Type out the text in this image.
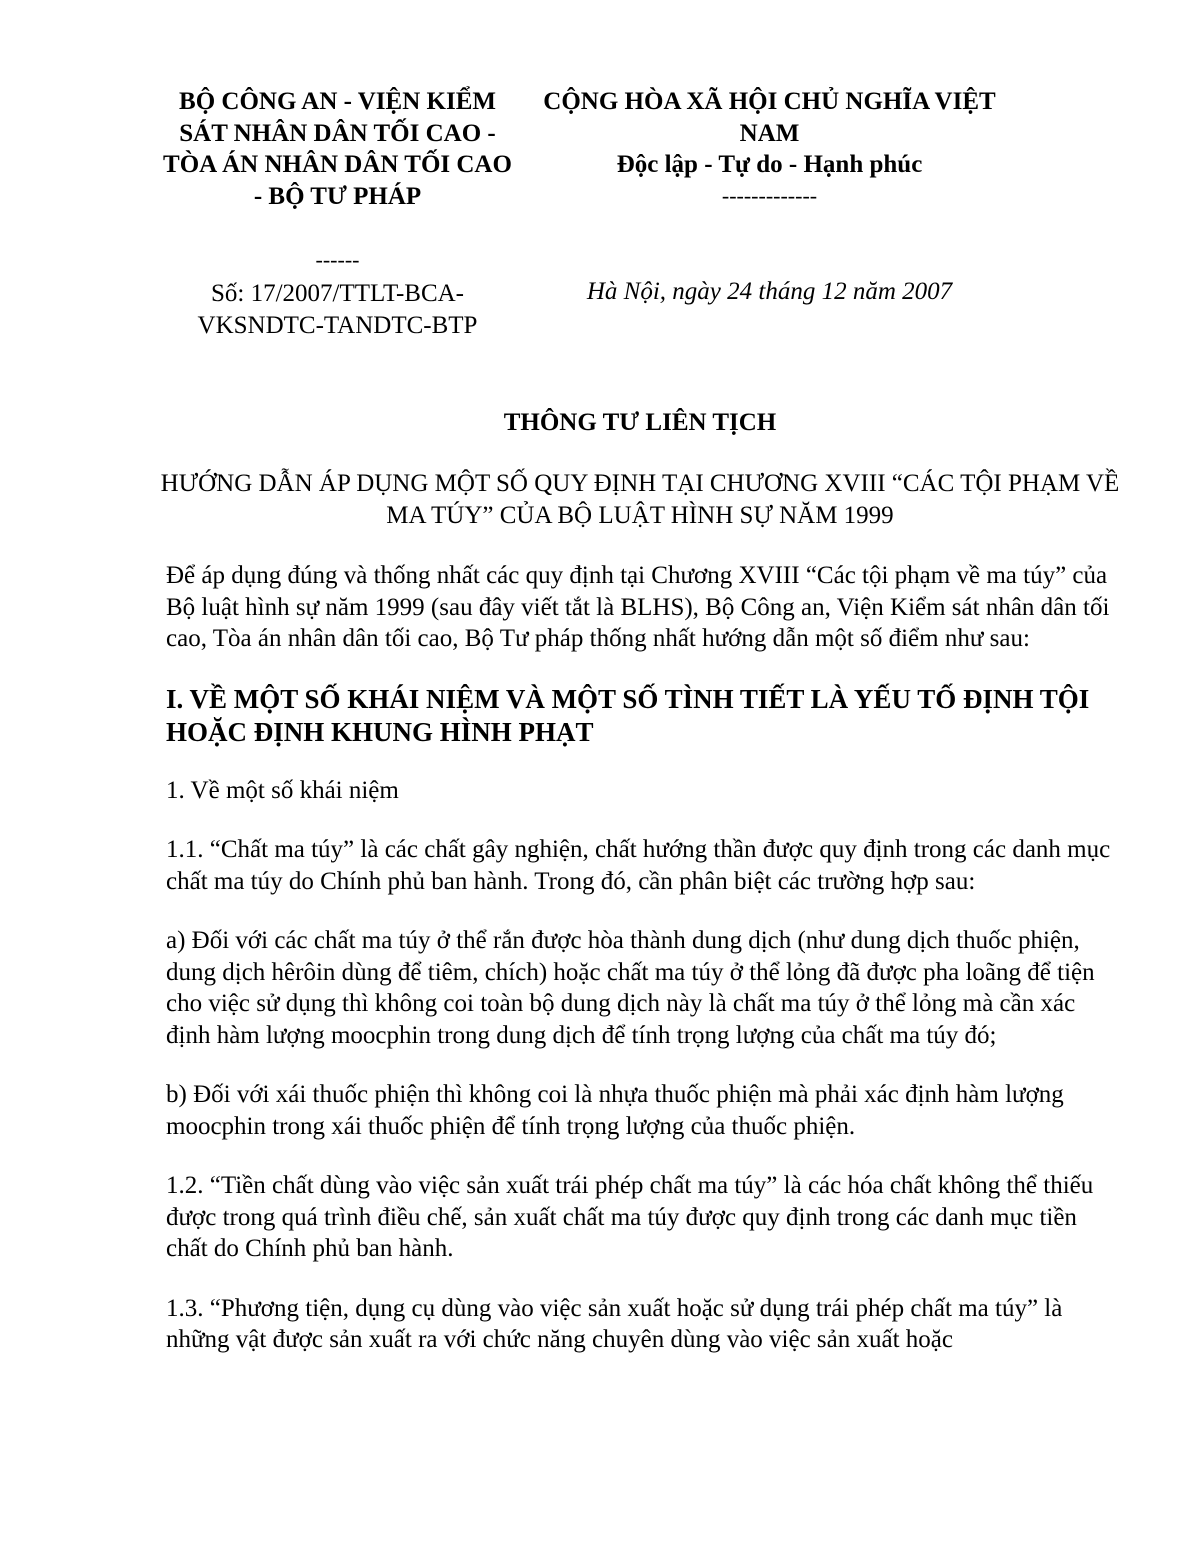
BỘ CÔNG AN - VIỆN KIỂM SÁT NHÂN DÂN TỐI CAO - TÒA ÁN NHÂN DÂN TỐI CAO - BỘ TƯ PHÁP
------
CỘNG HÒA XÃ HỘI CHỦ NGHĨA VIỆT NAM
Độc lập - Tự do - Hạnh phúc
-------------
Số: 17/2007/TTLT-BCA-VKSNDTC-TANDTC-BTP
Hà Nội, ngày 24 tháng 12 năm 2007
THÔNG TƯ LIÊN TỊCH
HƯỚNG DẪN ÁP DỤNG MỘT SỐ QUY ĐỊNH TẠI CHƯƠNG XVIII “CÁC TỘI PHẠM VỀ MA TÚY” CỦA BỘ LUẬT HÌNH SỰ NĂM 1999

Để áp dụng đúng và thống nhất các quy định tại Chương XVIII “Các tội phạm về ma túy” của Bộ luật hình sự năm 1999 (sau đây viết tắt là BLHS), Bộ Công an, Viện Kiểm sát nhân dân tối cao, Tòa án nhân dân tối cao, Bộ Tư pháp thống nhất hướng dẫn một số điểm như sau:

I. VỀ MỘT SỐ KHÁI NIỆM VÀ MỘT SỐ TÌNH TIẾT LÀ YẾU TỐ ĐỊNH TỘI HOẶC ĐỊNH KHUNG HÌNH PHẠT

1. Về một số khái niệm

1.1. “Chất ma túy” là các chất gây nghiện, chất hướng thần được quy định trong các danh mục chất ma túy do Chính phủ ban hành. Trong đó, cần phân biệt các trường hợp sau:

a) Đối với các chất ma túy ở thể rắn được hòa thành dung dịch (như dung dịch thuốc phiện, dung dịch hêrôin dùng để tiêm, chích) hoặc chất ma túy ở thể lỏng đã được pha loãng để tiện cho việc sử dụng thì không coi toàn bộ dung dịch này là chất ma túy ở thể lỏng mà cần xác định hàm lượng moocphin trong dung dịch để tính trọng lượng của chất ma túy đó;

b) Đối với xái thuốc phiện thì không coi là nhựa thuốc phiện mà phải xác định hàm lượng moocphin trong xái thuốc phiện để tính trọng lượng của thuốc phiện.

1.2. “Tiền chất dùng vào việc sản xuất trái phép chất ma túy” là các hóa chất không thể thiếu được trong quá trình điều chế, sản xuất chất ma túy được quy định trong các danh mục tiền chất do Chính phủ ban hành.

1.3. “Phương tiện, dụng cụ dùng vào việc sản xuất hoặc sử dụng trái phép chất ma túy” là những vật được sản xuất ra với chức năng chuyên dùng vào việc sản xuất hoặc
